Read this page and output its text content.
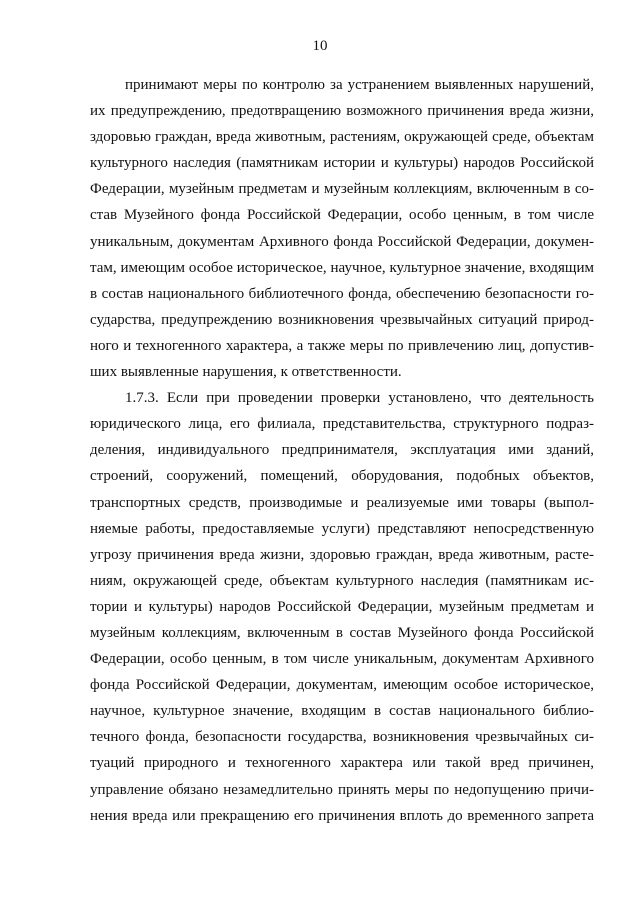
10
принимают меры по контролю за устранением выявленных нарушений,
их предупреждению, предотвращению возможного причинения вреда жизни,
здоровью граждан, вреда животным, растениям, окружающей среде, объектам
культурного наследия (памятникам истории и культуры) народов Российской
Федерации, музейным предметам и музейным коллекциям, включенным в со-
став Музейного фонда Российской Федерации, особо ценным, в том числе
уникальным, документам Архивного фонда Российской Федерации, докумен-
там, имеющим особое историческое, научное, культурное значение, входящим
в состав национального библиотечного фонда, обеспечению безопасности го-
сударства, предупреждению возникновения чрезвычайных ситуаций природ-
ного и техногенного характера, а также меры по привлечению лиц, допустив-
ших выявленные нарушения, к ответственности.
1.7.3. Если при проведении проверки установлено, что деятельность
юридического лица, его филиала, представительства, структурного подраз-
деления, индивидуального предпринимателя, эксплуатация ими зданий,
строений, сооружений, помещений, оборудования, подобных объектов,
транспортных средств, производимые и реализуемые ими товары (выпол-
няемые работы, предоставляемые услуги) представляют непосредственную
угрозу причинения вреда жизни, здоровью граждан, вреда животным, расте-
ниям, окружающей среде, объектам культурного наследия (памятникам ис-
тории и культуры) народов Российской Федерации, музейным предметам и
музейным коллекциям, включенным в состав Музейного фонда Российской
Федерации, особо ценным, в том числе уникальным, документам Архивного
фонда Российской Федерации, документам, имеющим особое историческое,
научное, культурное значение, входящим в состав национального библио-
течного фонда, безопасности государства, возникновения чрезвычайных си-
туаций природного и техногенного характера или такой вред причинен,
управление обязано незамедлительно принять меры по недопущению причи-
нения вреда или прекращению его причинения вплоть до временного запрета
